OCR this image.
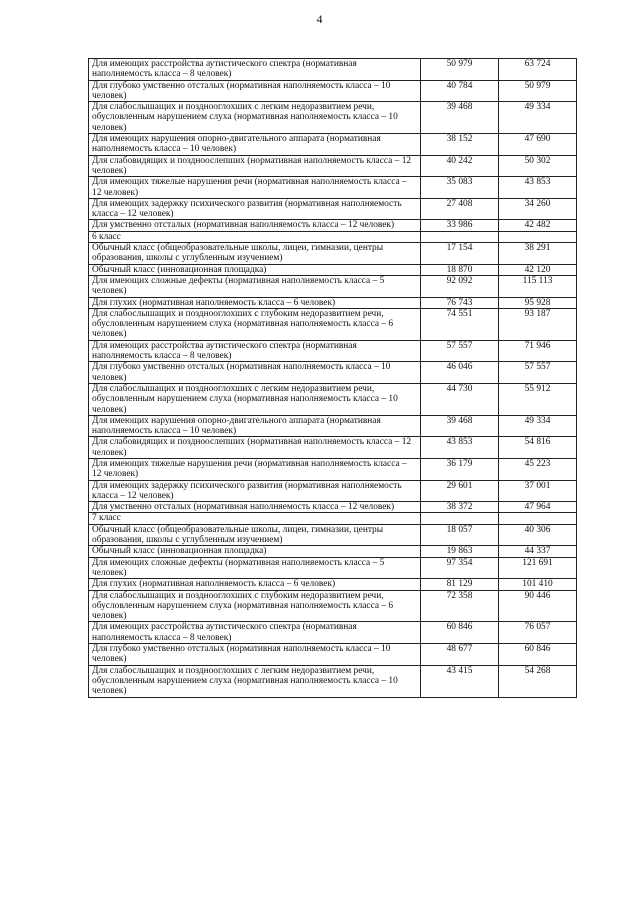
4
Для имеющих расстройства аутистического спектра (нормативная наполняемость класса – 8 человек)	50 979	63 724
Для глубоко умственно отсталых (нормативная наполняемость класса – 10 человек)	40 784	50 979
Для слабослышащих и позднооглохших с легким недоразвитием речи, обусловленным нарушением слуха (нормативная наполняемость класса – 10 человек)	39 468	49 334
Для имеющих нарушения опорно-двигательного аппарата (нормативная наполняемость класса – 10 человек)	38 152	47 690
Для слабовидящих и поздноослепших (нормативная наполняемость класса – 12 человек)	40 242	50 302
Для имеющих тяжелые нарушения речи (нормативная наполняемость класса – 12 человек)	35 083	43 853
Для имеющих задержку психического развития (нормативная наполняемость класса – 12 человек)	27 408	34 260
Для умственно отсталых (нормативная наполняемость класса – 12 человек)	33 986	42 482
6 класс		
Обычный класс (общеобразовательные школы, лицеи, гимназии, центры образования, школы с углубленным изучением)	17 154	38 291
Обычный класс (инновационная площадка)	18 870	42 120
Для имеющих сложные дефекты (нормативная наполняемость класса – 5 человек)	92 092	115 113
Для глухих (нормативная наполняемость класса – 6 человек)	76 743	95 928
Для слабослышащих и позднооглохших с глубоким недоразвитием речи, обусловленным нарушением слуха (нормативная наполняемость класса – 6 человек)	74 551	93 187
Для имеющих расстройства аутистического спектра (нормативная наполняемость класса – 8 человек)	57 557	71 946
Для глубоко умственно отсталых (нормативная наполняемость класса – 10 человек)	46 046	57 557
Для слабослышащих и позднооглохших с легким недоразвитием речи, обусловленным нарушением слуха (нормативная наполняемость класса – 10 человек)	44 730	55 912
Для имеющих нарушения опорно-двигательного аппарата (нормативная наполняемость класса – 10 человек)	39 468	49 334
Для слабовидящих и поздноослепших (нормативная наполняемость класса – 12 человек)	43 853	54 816
Для имеющих тяжелые нарушения речи (нормативная наполняемость класса – 12 человек)	36 179	45 223
Для имеющих задержку психического развития (нормативная наполняемость класса – 12 человек)	29 601	37 001
Для умственно отсталых (нормативная наполняемость класса – 12 человек)	38 372	47 964
7 класс		
Обычный класс (общеобразовательные школы, лицеи, гимназии, центры образования, школы с углубленным изучением)	18 057	40 306
Обычный класс (инновационная площадка)	19 863	44 337
Для имеющих сложные дефекты (нормативная наполняемость класса – 5 человек)	97 354	121 691
Для глухих (нормативная наполняемость класса – 6 человек)	81 129	101 410
Для слабослышащих и позднооглохших с глубоким недоразвитием речи, обусловленным нарушением слуха (нормативная наполняемость класса – 6 человек)	72 358	90 446
Для имеющих расстройства аутистического спектра (нормативная наполняемость класса – 8 человек)	60 846	76 057
Для глубоко умственно отсталых (нормативная наполняемость класса – 10 человек)	48 677	60 846
Для слабослышащих и позднооглохших с легким недоразвитием речи, обусловленным нарушением слуха (нормативная наполняемость класса – 10 человек)	43 415	54 268
